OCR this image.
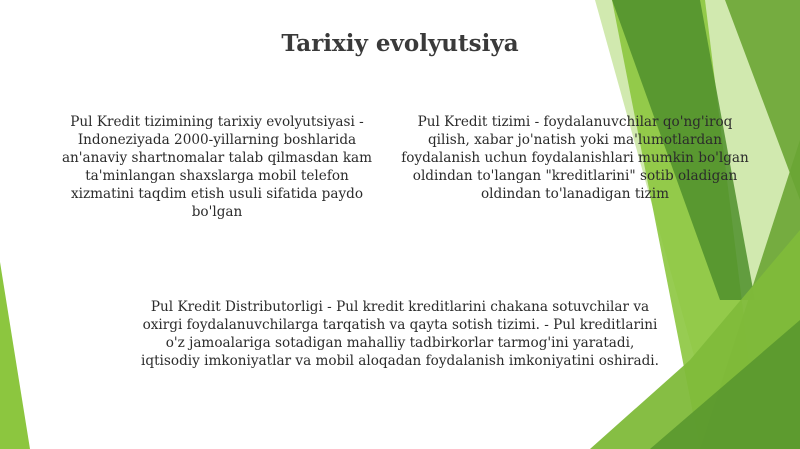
Tarixiy evolyutsiya

Pul Kredit tizimining tarixiy evolyutsiyasi - Indoneziyada 2000-yillarning boshlarida an'anaviy shartnomalar talab qilmasdan kam ta'minlangan shaxslarga mobil telefon xizmatini taqdim etish usuli sifatida paydo bo'lgan

Pul Kredit tizimi - foydalanuvchilar qo'ng'iroq qilish, xabar jo'natish yoki ma'lumotlardan foydalanish uchun foydalanishlari mumkin bo'lgan oldindan to'langan "kreditlarini" sotib oladigan oldindan to'lanadigan tizim

Pul Kredit Distributorligi - Pul kredit kreditlarini chakana sotuvchilar va oxirgi foydalanuvchilarga tarqatish va qayta sotish tizimi. - Pul kreditlarini o'z jamoalariga sotadigan mahalliy tadbirkorlar tarmog'ini yaratadi, iqtisodiy imkoniyatlar va mobil aloqadan foydalanish imkoniyatini oshiradi.
